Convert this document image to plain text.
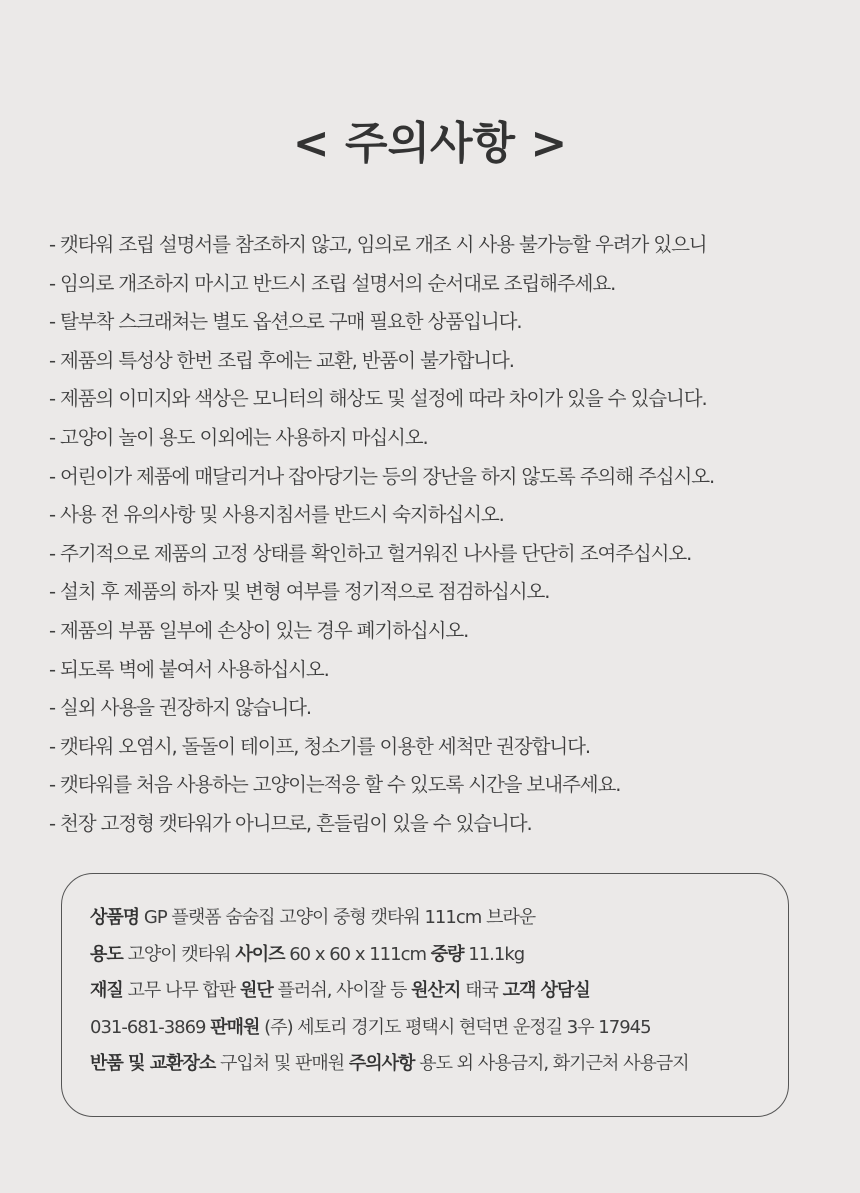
< 주의사항 >
- 캣타워 조립 설명서를 참조하지 않고, 임의로 개조 시 사용 불가능할 우려가 있으니
- 임의로 개조하지 마시고 반드시 조립 설명서의 순서대로 조립해주세요.
- 탈부착 스크래쳐는 별도 옵션으로 구매 필요한 상품입니다.
- 제품의 특성상 한번 조립 후에는 교환, 반품이 불가합니다.
- 제품의 이미지와 색상은 모니터의 해상도 및 설정에 따라 차이가 있을 수 있습니다.
- 고양이 놀이 용도 이외에는 사용하지 마십시오.
- 어린이가 제품에 매달리거나 잡아당기는 등의 장난을 하지 않도록 주의해 주십시오.
- 사용 전 유의사항 및 사용지침서를 반드시 숙지하십시오.
- 주기적으로 제품의 고정 상태를 확인하고 헐거워진 나사를 단단히 조여주십시오.
- 설치 후 제품의 하자 및 변형 여부를 정기적으로 점검하십시오.
- 제품의 부품 일부에 손상이 있는 경우 폐기하십시오.
- 되도록 벽에 붙여서 사용하십시오.
- 실외 사용을 권장하지 않습니다.
- 캣타워 오염시, 돌돌이 테이프, 청소기를 이용한 세척만 권장합니다.
- 캣타워를 처음 사용하는 고양이는적응 할 수 있도록 시간을 보내주세요.
- 천장 고정형 캣타워가 아니므로, 흔들림이 있을 수 있습니다.
상품명 GP 플랫폼 숨숨집 고양이 중형 캣타워 111cm 브라운
용도 고양이 캣타워 사이즈 60 x 60 x 111cm 중량 11.1kg
재질 고무 나무 합판 원단 플러쉬, 사이잘 등 원산지 태국 고객 상담실
031-681-3869 판매원 (주) 세토리 경기도 평택시 현덕면 운정길 3우 17945
반품 및 교환장소 구입처 및 판매원 주의사항 용도 외 사용금지, 화기근처 사용금지
